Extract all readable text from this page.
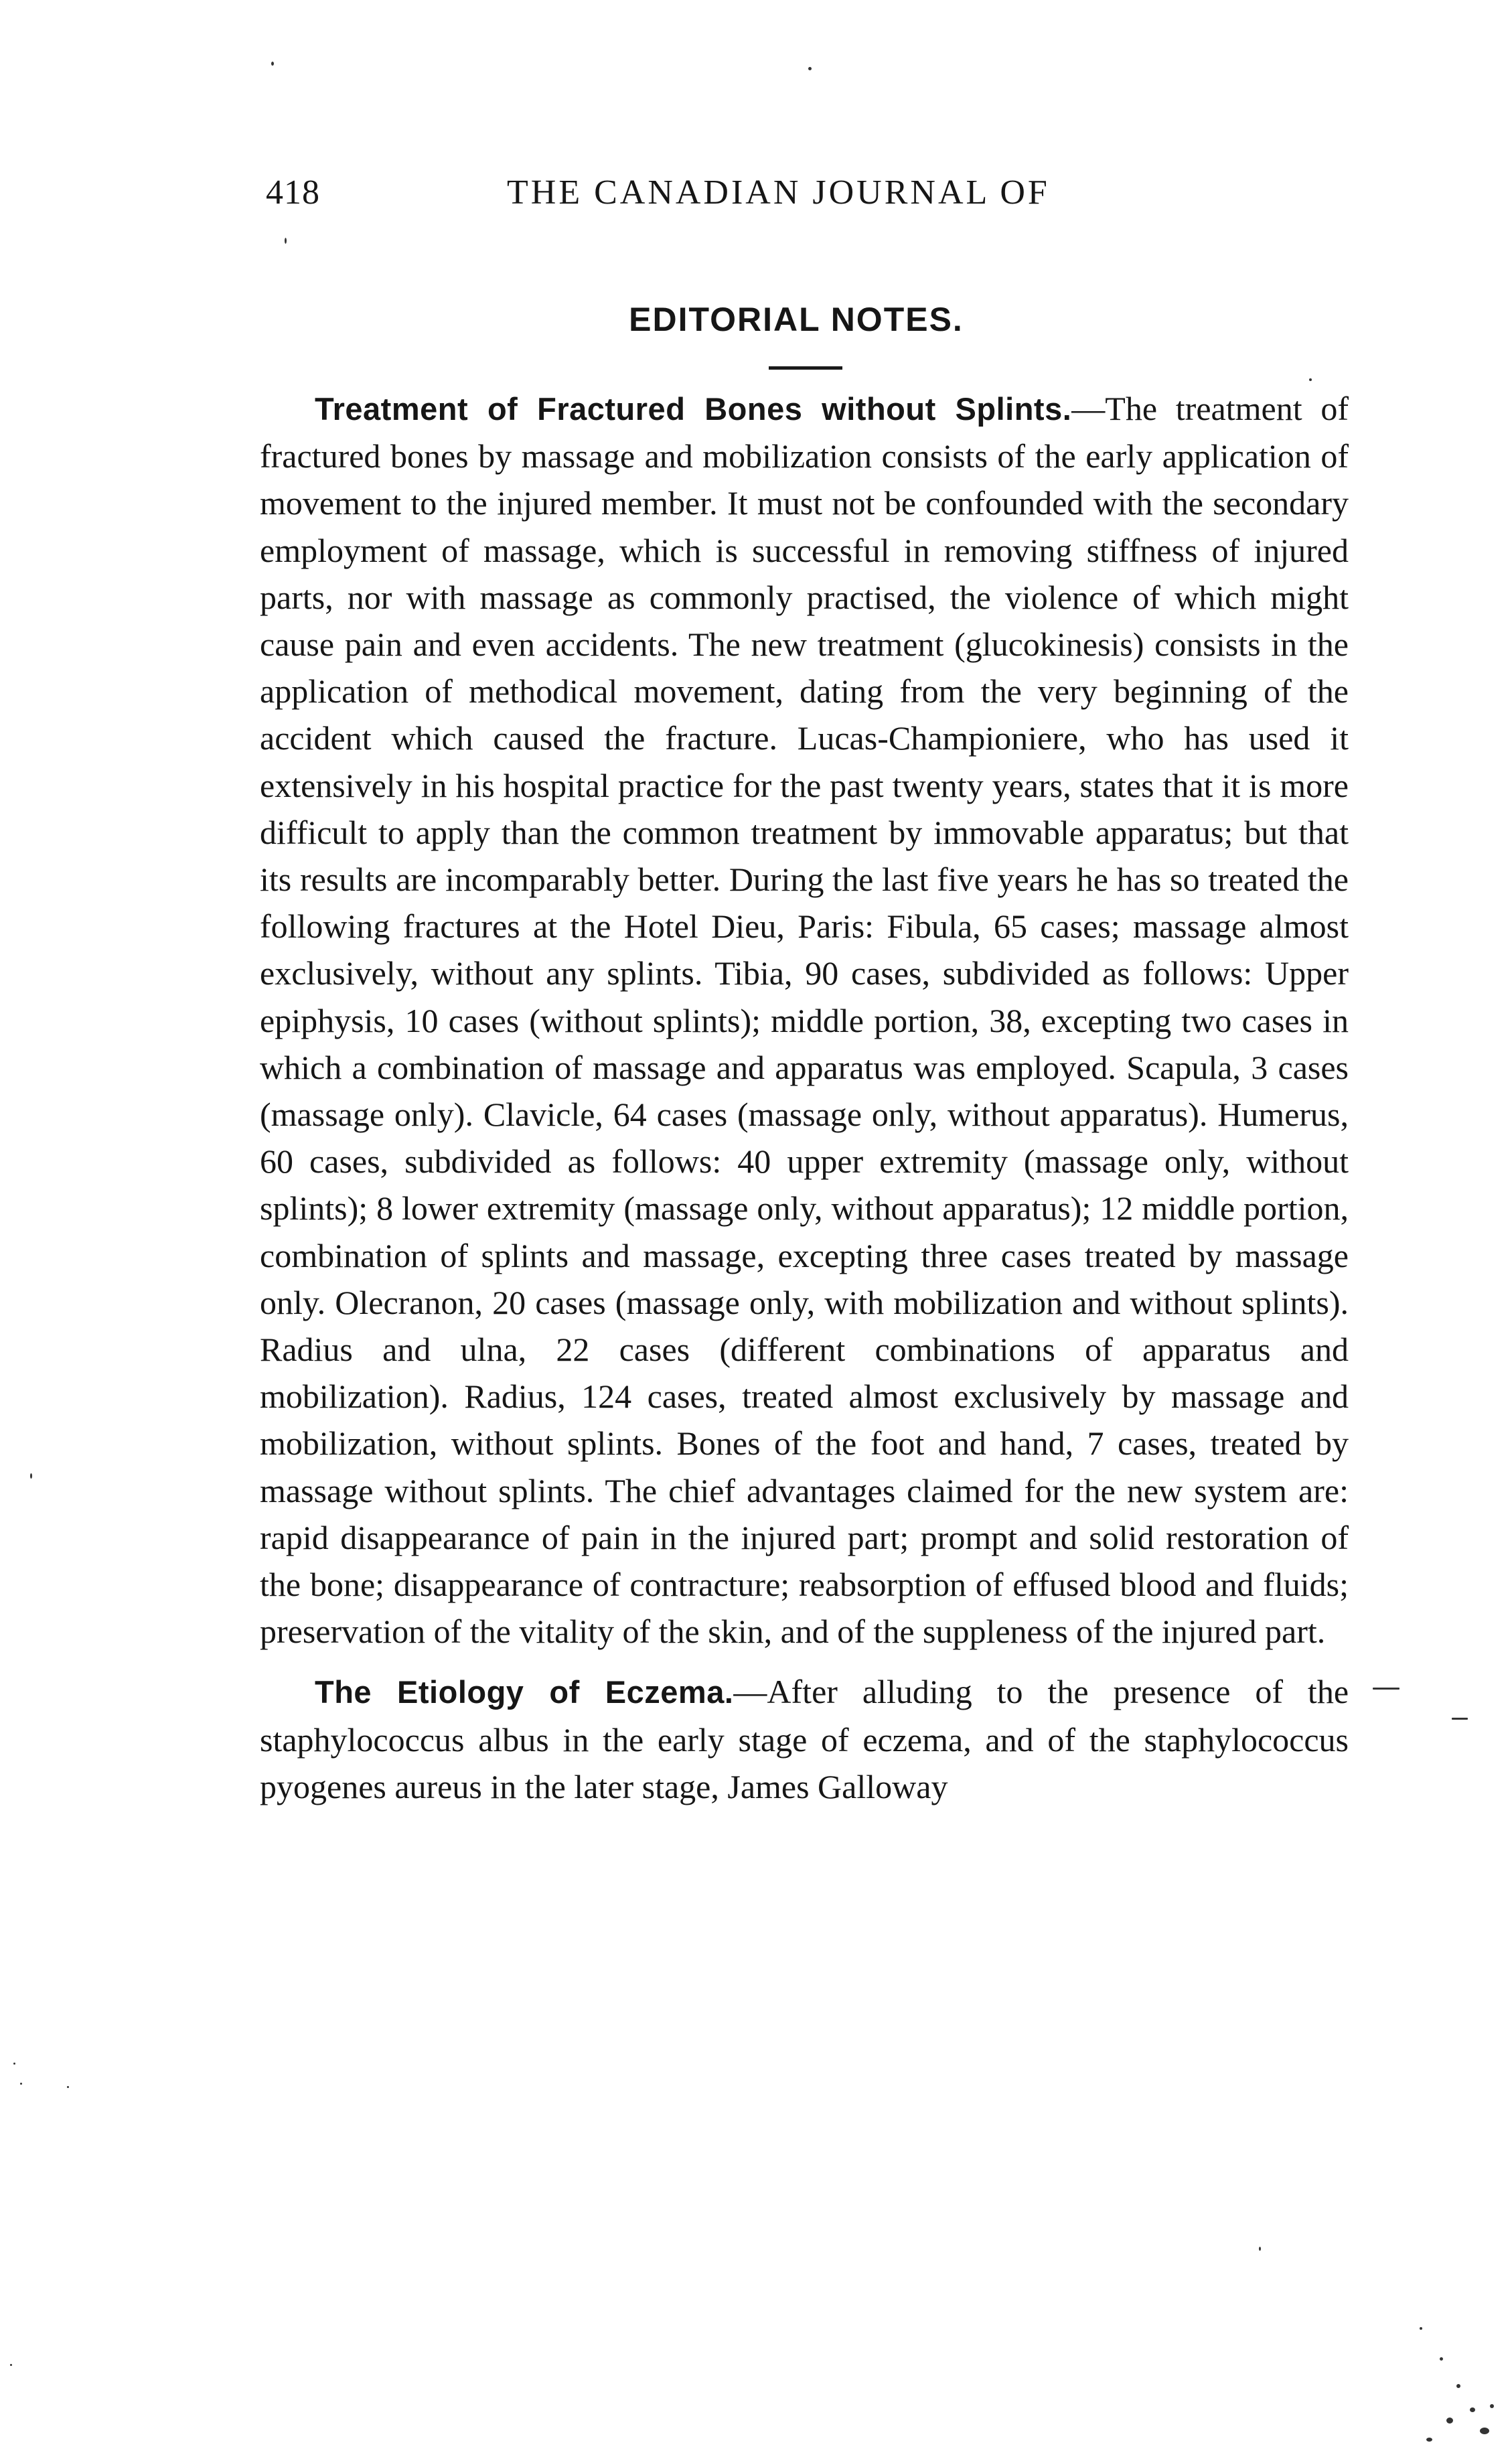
418	THE CANADIAN JOURNAL OF
EDITORIAL NOTES.

Treatment of Fractured Bones without Splints.—The treatment of fractured bones by massage and mobilization consists of the early application of movement to the injured member. It must not be confounded with the secondary employment of massage, which is successful in removing stiffness of injured parts, nor with massage as commonly practised, the violence of which might cause pain and even accidents. The new treatment (glucokinesis) consists in the application of methodical movement, dating from the very beginning of the accident which caused the fracture. Lucas-Championiere, who has used it extensively in his hospital practice for the past twenty years, states that it is more difficult to apply than the common treatment by immovable apparatus; but that its results are incomparably better. During the last five years he has so treated the following fractures at the Hotel Dieu, Paris: Fibula, 65 cases; massage almost exclusively, without any splints. Tibia, 90 cases, subdivided as follows: Upper epiphysis, 10 cases (without splints); middle portion, 38, excepting two cases in which a combination of massage and apparatus was employed. Scapula, 3 cases (massage only). Clavicle, 64 cases (massage only, without apparatus). Humerus, 60 cases, subdivided as follows: 40 upper extremity (massage only, without splints); 8 lower extremity (massage only, without apparatus); 12 middle portion, combination of splints and massage, excepting three cases treated by massage only. Olecranon, 20 cases (massage only, with mobilization and without splints). Radius and ulna, 22 cases (different combinations of apparatus and mobilization). Radius, 124 cases, treated almost exclusively by massage and mobilization, without splints. Bones of the foot and hand, 7 cases, treated by massage without splints. The chief advantages claimed for the new system are: rapid disappearance of pain in the injured part; prompt and solid restoration of the bone; disappearance of contracture; reabsorption of effused blood and fluids; preservation of the vitality of the skin, and of the suppleness of the injured part.

The Etiology of Eczema.—After alluding to the presence of the staphylococcus albus in the early stage of eczema, and of the staphylococcus pyogenes aureus in the later stage, James Galloway
